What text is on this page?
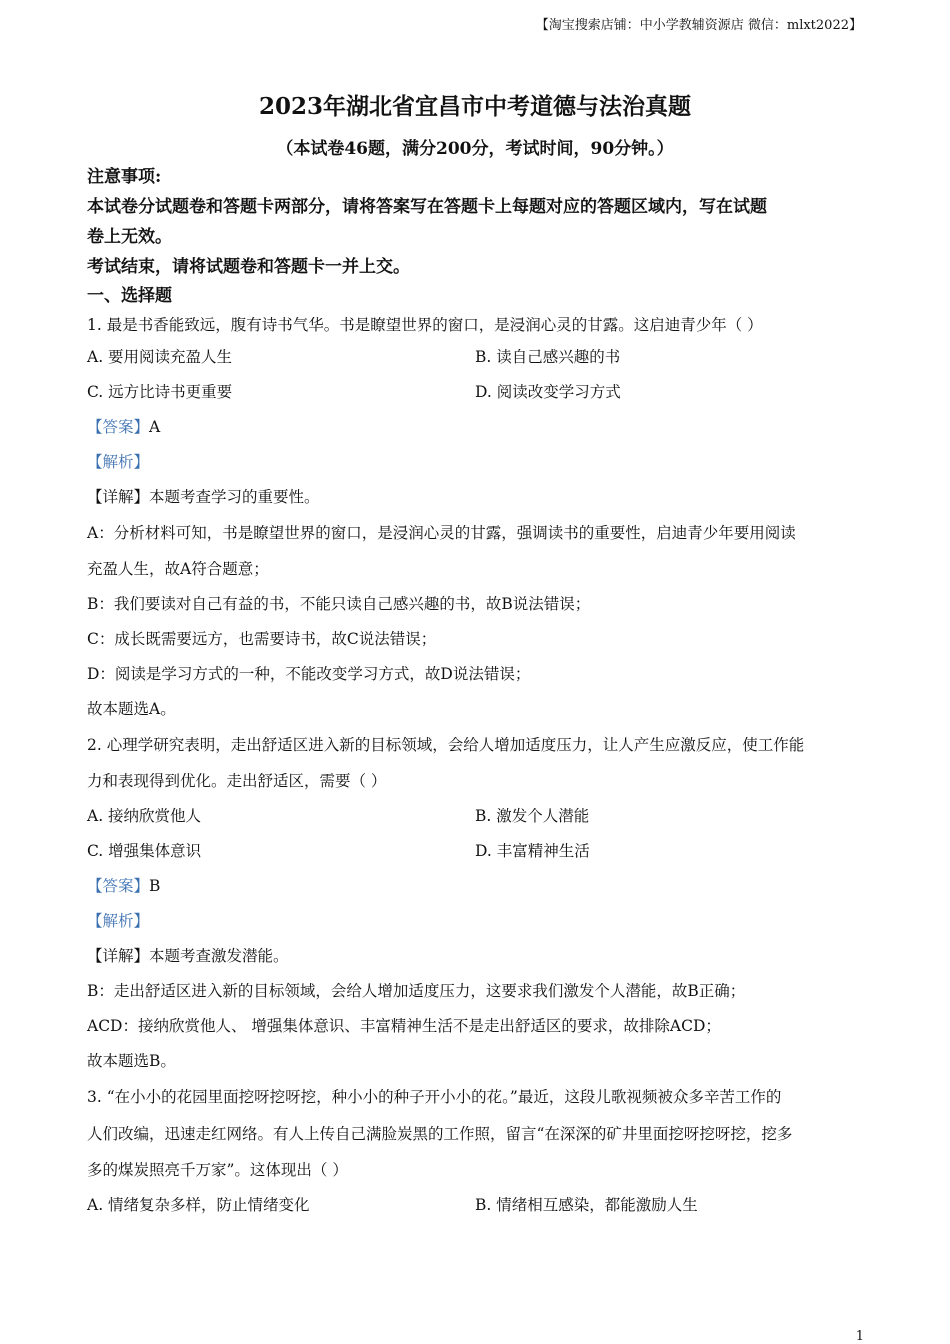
【淘宝搜索店铺：中小学教辅资源店 微信：mlxt2022】
2023年湖北省宜昌市中考道德与法治真题
（本试卷46题，满分200分，考试时间，90分钟。）
注意事项:
本试卷分试题卷和答题卡两部分，请将答案写在答题卡上每题对应的答题区域内，写在试题
卷上无效。
考试结束，请将试题卷和答题卡一并上交。
一、选择题
1. 最是书香能致远，腹有诗书气华。书是瞭望世界的窗口，是浸润心灵的甘露。这启迪青少年（ ）
A. 要用阅读充盈人生	B. 读自己感兴趣的书
C. 远方比诗书更重要	D. 阅读改变学习方式
【答案】A
【解析】
【详解】本题考查学习的重要性。
A：分析材料可知，书是瞭望世界的窗口，是浸润心灵的甘露，强调读书的重要性，启迪青少年要用阅读
充盈人生，故A符合题意；
B：我们要读对自己有益的书，不能只读自己感兴趣的书，故B说法错误；
C：成长既需要远方，也需要诗书，故C说法错误；
D：阅读是学习方式的一种，不能改变学习方式，故D说法错误；
故本题选A。
2. 心理学研究表明，走出舒适区进入新的目标领域，会给人增加适度压力，让人产生应激反应，使工作能
力和表现得到优化。走出舒适区，需要（ ）
A. 接纳欣赏他人	B. 激发个人潜能
C. 增强集体意识	D. 丰富精神生活
【答案】B
【解析】
【详解】本题考查激发潜能。
B：走出舒适区进入新的目标领域，会给人增加适度压力，这要求我们激发个人潜能，故B正确；
ACD：接纳欣赏他人、 增强集体意识、丰富精神生活不是走出舒适区的要求，故排除ACD；
故本题选B。
3. “在小小的花园里面挖呀挖呀挖，种小小的种子开小小的花。”最近，这段儿歌视频被众多辛苦工作的
人们改编，迅速走红网络。有人上传自己满脸炭黑的工作照，留言“在深深的矿井里面挖呀挖呀挖，挖多
多的煤炭照亮千万家”。这体现出（ ）
A. 情绪复杂多样，防止情绪变化	B. 情绪相互感染，都能激励人生
1
